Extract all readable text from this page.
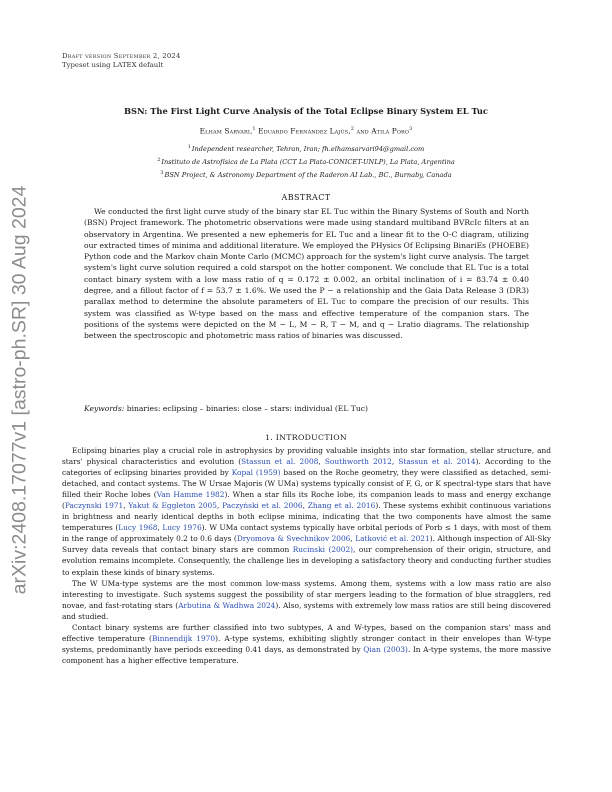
arXiv:2408.17077v1 [astro-ph.SR] 30 Aug 2024
Draft version September 2, 2024
Typeset using LATEX default
BSN: The First Light Curve Analysis of the Total Eclipse Binary System EL Tuc
Elham Sarvari,$^1$ Eduardo Fernández Lajús,$^2$ and Atila Poro$^3$
$^1$Independent researcher, Tehran, Iran; fh.elhamsarvari94@gmail.com
$^2$Instituto de Astrofísica de La Plata (CCT La Plata-CONICET-UNLP), La Plata, Argentina
$^3$BSN Project, & Astronomy Department of the Raderon AI Lab., BC., Burnaby, Canada
ABSTRACT

We conducted the first light curve study of the binary star EL Tuc within the Binary Systems of South and North (BSN) Project framework. The photometric observations were made using standard multiband BVRcIc filters at an observatory in Argentina. We presented a new ephemeris for EL Tuc and a linear fit to the O-C diagram, utilizing our extracted times of minima and additional literature. We employed the PHysics Of Eclipsing BinariEs (PHOEBE) Python code and the Markov chain Monte Carlo (MCMC) approach for the system's light curve analysis. The target system's light curve solution required a cold starspot on the hotter component. We conclude that EL Tuc is a total contact binary system with a low mass ratio of q = 0.172 ± 0.002, an orbital inclination of i = 83.74 ± 0.40 degree, and a fillout factor of f = 53.7 ± 1.6%. We used the P − a relationship and the Gaia Data Release 3 (DR3) parallax method to determine the absolute parameters of EL Tuc to compare the precision of our results. This system was classified as W-type based on the mass and effective temperature of the companion stars. The positions of the systems were depicted on the M − L, M − R, T − M, and q − Lratio diagrams. The relationship between the spectroscopic and photometric mass ratios of binaries was discussed.

Keywords: binaries: eclipsing – binaries: close – stars: individual (EL Tuc)
1. INTRODUCTION

Eclipsing binaries play a crucial role in astrophysics by providing valuable insights into star formation, stellar structure, and stars' physical characteristics and evolution (Stassun et al. 2008, Southworth 2012, Stassun et al. 2014). According to the categories of eclipsing binaries provided by Kopal (1959) based on the Roche geometry, they were classified as detached, semi-detached, and contact systems. The W Ursae Majoris (W UMa) systems typically consist of F, G, or K spectral-type stars that have filled their Roche lobes (Van Hamme 1982). When a star fills its Roche lobe, its companion leads to mass and energy exchange (Paczynski 1971, Yakut & Eggleton 2005, Paczyński et al. 2006, Zhang et al. 2016). These systems exhibit continuous variations in brightness and nearly identical depths in both eclipse minima, indicating that the two components have almost the same temperatures (Lucy 1968, Lucy 1976). W UMa contact systems typically have orbital periods of Porb ≤ 1 days, with most of them in the range of approximately 0.2 to 0.6 days (Dryomova & Svechnikov 2006, Latković et al. 2021). Although inspection of All-Sky Survey data reveals that contact binary stars are common Rucinski (2002), our comprehension of their origin, structure, and evolution remains incomplete. Consequently, the challenge lies in developing a satisfactory theory and conducting further studies to explain these kinds of binary systems.

The W UMa-type systems are the most common low-mass systems. Among them, systems with a low mass ratio are also interesting to investigate. Such systems suggest the possibility of star mergers leading to the formation of blue stragglers, red novae, and fast-rotating stars (Arbutina & Wadhwa 2024). Also, systems with extremely low mass ratios are still being discovered and studied.

Contact binary systems are further classified into two subtypes, A and W-types, based on the companion stars' mass and effective temperature (Binnendijk 1970). A-type systems, exhibiting slightly stronger contact in their envelopes than W-type systems, predominantly have periods exceeding 0.41 days, as demonstrated by Qian (2003). In A-type systems, the more massive component has a higher effective temperature.
